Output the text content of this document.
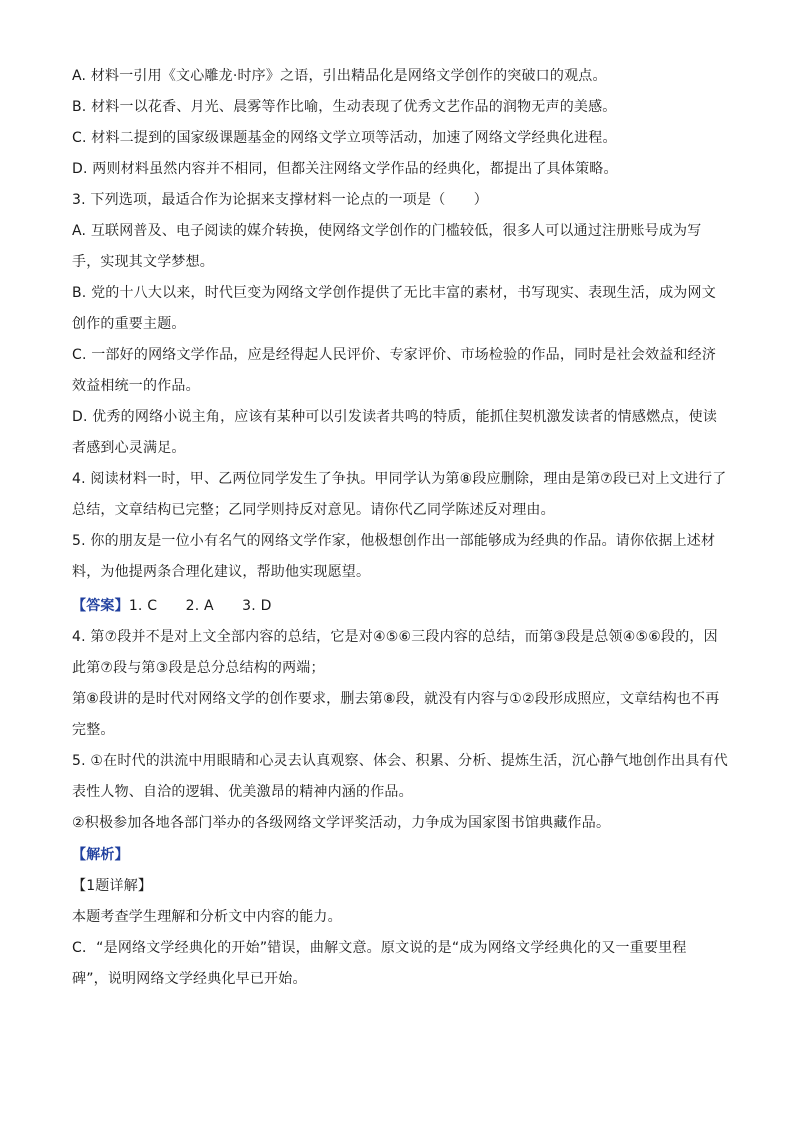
A. 材料一引用《文心雕龙·时序》之语，引出精品化是网络文学创作的突破口的观点。
B. 材料一以花香、月光、晨雾等作比喻，生动表现了优秀文艺作品的润物无声的美感。
C. 材料二提到的国家级课题基金的网络文学立项等活动，加速了网络文学经典化进程。
D. 两则材料虽然内容并不相同，但都关注网络文学作品的经典化，都提出了具体策略。
3. 下列选项，最适合作为论据来支撑材料一论点的一项是（　　）
A. 互联网普及、电子阅读的媒介转换，使网络文学创作的门槛较低，很多人可以通过注册账号成为写
手，实现其文学梦想。
B. 党的十八大以来，时代巨变为网络文学创作提供了无比丰富的素材，书写现实、表现生活，成为网文
创作的重要主题。
C. 一部好的网络文学作品，应是经得起人民评价、专家评价、市场检验的作品，同时是社会效益和经济
效益相统一的作品。
D. 优秀的网络小说主角，应该有某种可以引发读者共鸣的特质，能抓住契机激发读者的情感燃点，使读
者感到心灵满足。
4. 阅读材料一时，甲、乙两位同学发生了争执。甲同学认为第⑧段应删除，理由是第⑦段已对上文进行了
总结，文章结构已完整；乙同学则持反对意见。请你代乙同学陈述反对理由。
5. 你的朋友是一位小有名气的网络文学作家，他极想创作出一部能够成为经典的作品。请你依据上述材
料，为他提两条合理化建议，帮助他实现愿望。
【答案】1. C　　2. A　　3. D
4. 第⑦段并不是对上文全部内容的总结，它是对④⑤⑥三段内容的总结，而第③段是总领④⑤⑥段的，因
此第⑦段与第③段是总分总结构的两端；
第⑧段讲的是时代对网络文学的创作要求，删去第⑧段，就没有内容与①②段形成照应，文章结构也不再
完整。
5. ①在时代的洪流中用眼睛和心灵去认真观察、体会、积累、分析、提炼生活，沉心静气地创作出具有代
表性人物、自洽的逻辑、优美激昂的精神内涵的作品。
②积极参加各地各部门举办的各级网络文学评奖活动，力争成为国家图书馆典藏作品。
【解析】
【1题详解】
本题考查学生理解和分析文中内容的能力。
C．“是网络文学经典化的开始”错误，曲解文意。原文说的是“成为网络文学经典化的又一重要里程
碑”，说明网络文学经典化早已开始。
